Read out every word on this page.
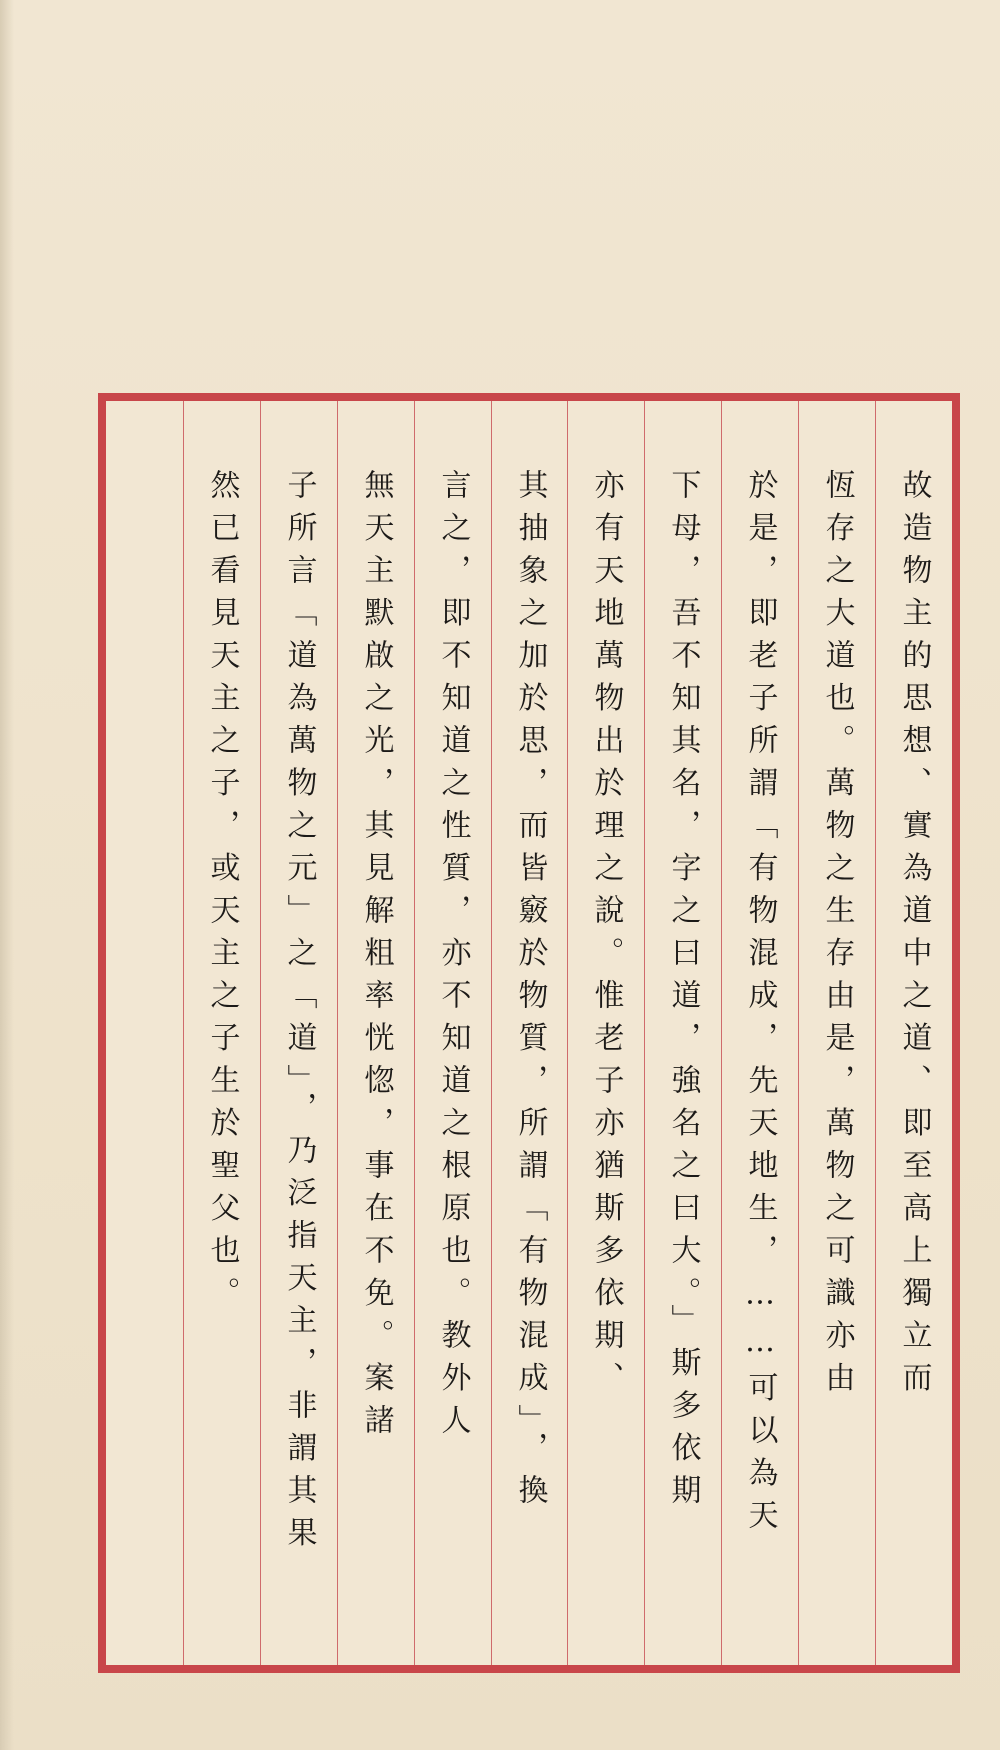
故造物主的思想、實為道中之道、即至高上獨立而
恆存之大道也。萬物之生存由是，萬物之可識亦由
於是，即老子所謂「有物混成，先天地生，……可以為天
下母，吾不知其名，字之曰道，強名之曰大。」斯多依期
亦有天地萬物出於理之說。惟老子亦猶斯多依期、
其抽象之加於思，而皆竅於物質，所謂「有物混成」，換
言之，即不知道之性質，亦不知道之根原也。教外人
無天主默啟之光，其見解粗率恍惚，事在不免。案諸
子所言「道為萬物之元」之「道」，乃泛指天主，非謂其果
然已看見天主之子，或天主之子生於聖父也。
